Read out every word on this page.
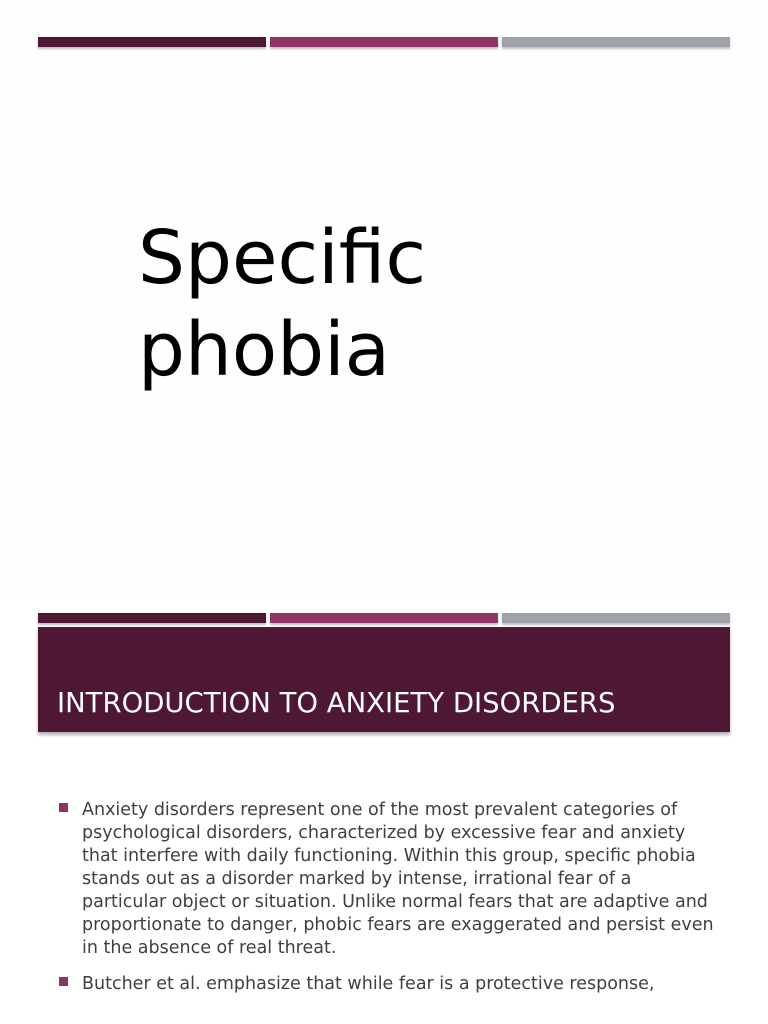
Specific phobia
INTRODUCTION TO ANXIETY DISORDERS
Anxiety disorders represent one of the most prevalent categories of psychological disorders, characterized by excessive fear and anxiety that interfere with daily functioning. Within this group, specific phobia stands out as a disorder marked by intense, irrational fear of a particular object or situation. Unlike normal fears that are adaptive and proportionate to danger, phobic fears are exaggerated and persist even in the absence of real threat.
Butcher et al. emphasize that while fear is a protective response,
